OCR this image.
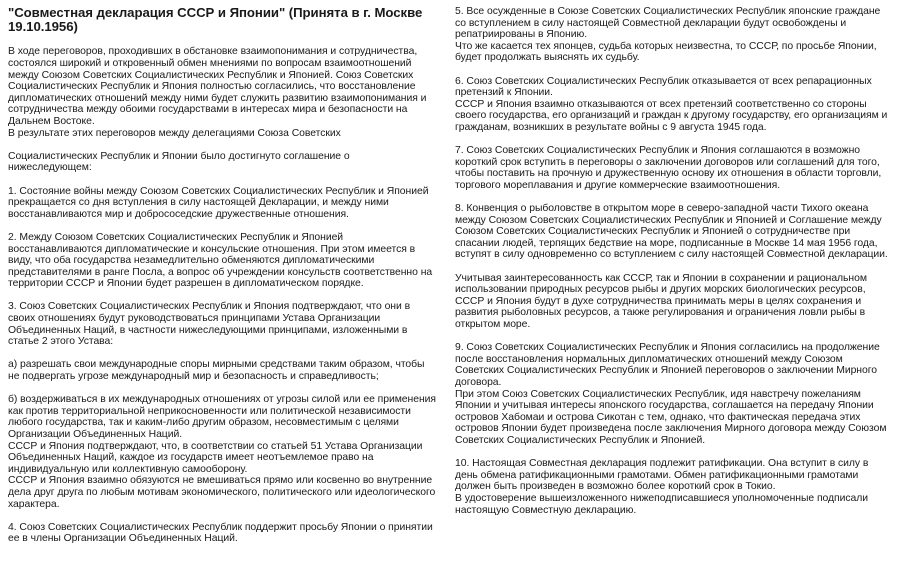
"Совместная декларация СССР и Японии" (Принята в г. Москве 19.10.1956)
В ходе переговоров, проходивших в обстановке взаимопонимания и сотрудничества, состоялся широкий и откровенный обмен мнениями по вопросам взаимоотношений между Союзом Советских Социалистических Республик и Японией. Союз Советских Социалистических Республик и Япония полностью согласились, что восстановление дипломатических отношений между ними будет служить развитию взаимопонимания и сотрудничества между обоими государствами в интересах мира и безопасности на Дальнем Востоке.
В результате этих переговоров между делегациями Союза Советских
Социалистических Республик и Японии было достигнуто соглашение о нижеследующем:
1. Состояние войны между Союзом Советских Социалистических Республик и Японией прекращается со дня вступления в силу настоящей Декларации, и между ними восстанавливаются мир и добрососедские дружественные отношения.
2. Между Союзом Советских Социалистических Республик и Японией восстанавливаются дипломатические и консульские отношения. При этом имеется в виду, что оба государства незамедлительно обменяются дипломатическими представителями в ранге Посла, а вопрос об учреждении консульств соответственно на территории СССР и Японии будет разрешен в дипломатическом порядке.
3. Союз Советских Социалистических Республик и Япония подтверждают, что они в своих отношениях будут руководствоваться принципами Устава Организации Объединенных Наций, в частности нижеследующими принципами, изложенными в статье 2 этого Устава:
а) разрешать свои международные споры мирными средствами таким образом, чтобы не подвергать угрозе международный мир и безопасность и справедливость;
б) воздерживаться в их международных отношениях от угрозы силой или ее применения как против территориальной неприкосновенности или политической независимости любого государства, так и каким-либо другим образом, несовместимым с целями Организации Объединенных Наций.
СССР и Япония подтверждают, что, в соответствии со статьей 51 Устава Организации Объединенных Наций, каждое из государств имеет неотъемлемое право на индивидуальную или коллективную самооборону.
СССР и Япония взаимно обязуются не вмешиваться прямо или косвенно во внутренние дела друг друга по любым мотивам экономического, политического или идеологического характера.
4. Союз Советских Социалистических Республик поддержит просьбу Японии о принятии ее в члены Организации Объединенных Наций.
5. Все осужденные в Союзе Советских Социалистических Республик японские граждане со вступлением в силу настоящей Совместной декларации будут освобождены и репатриированы в Японию.
Что же касается тех японцев, судьба которых неизвестна, то СССР, по просьбе Японии, будет продолжать выяснять их судьбу.
6. Союз Советских Социалистических Республик отказывается от всех репарационных претензий к Японии.
СССР и Япония взаимно отказываются от всех претензий соответственно со стороны своего государства, его организаций и граждан к другому государству, его организациям и гражданам, возникших в результате войны с 9 августа 1945 года.
7. Союз Советских Социалистических Республик и Япония соглашаются в возможно короткий срок вступить в переговоры о заключении договоров или соглашений для того, чтобы поставить на прочную и дружественную основу их отношения в области торговли, торгового мореплавания и другие коммерческие взаимоотношения.
8. Конвенция о рыболовстве в открытом море в северо-западной части Тихого океана между Союзом Советских Социалистических Республик и Японией и Соглашение между Союзом Советских Социалистических Республик и Японией о сотрудничестве при спасании людей, терпящих бедствие на море, подписанные в Москве 14 мая 1956 года, вступят в силу одновременно со вступлением с силу настоящей Совместной декларации.
Учитывая заинтересованность как СССР, так и Японии в сохранении и рациональном использовании природных ресурсов рыбы и других морских биологических ресурсов, СССР и Япония будут в духе сотрудничества принимать меры в целях сохранения и развития рыболовных ресурсов, а также регулирования и ограничения ловли рыбы в открытом море.
9. Союз Советских Социалистических Республик и Япония согласились на продолжение после восстановления нормальных дипломатических отношений между Союзом Советских Социалистических Республик и Японией переговоров о заключении Мирного договора.
При этом Союз Советских Социалистических Республик, идя навстречу пожеланиям Японии и учитывая интересы японского государства, соглашается на передачу Японии островов Хабомаи и острова Сикотан с тем, однако, что фактическая передача этих островов Японии будет произведена после заключения Мирного договора между Союзом Советских Социалистических Республик и Японией.
10. Настоящая Совместная декларация подлежит ратификации. Она вступит в силу в день обмена ратификационными грамотами. Обмен ратификационными грамотами должен быть произведен в возможно более короткий срок в Токио.
В удостоверение вышеизложенного нижеподписавшиеся уполномоченные подписали настоящую Совместную декларацию.
